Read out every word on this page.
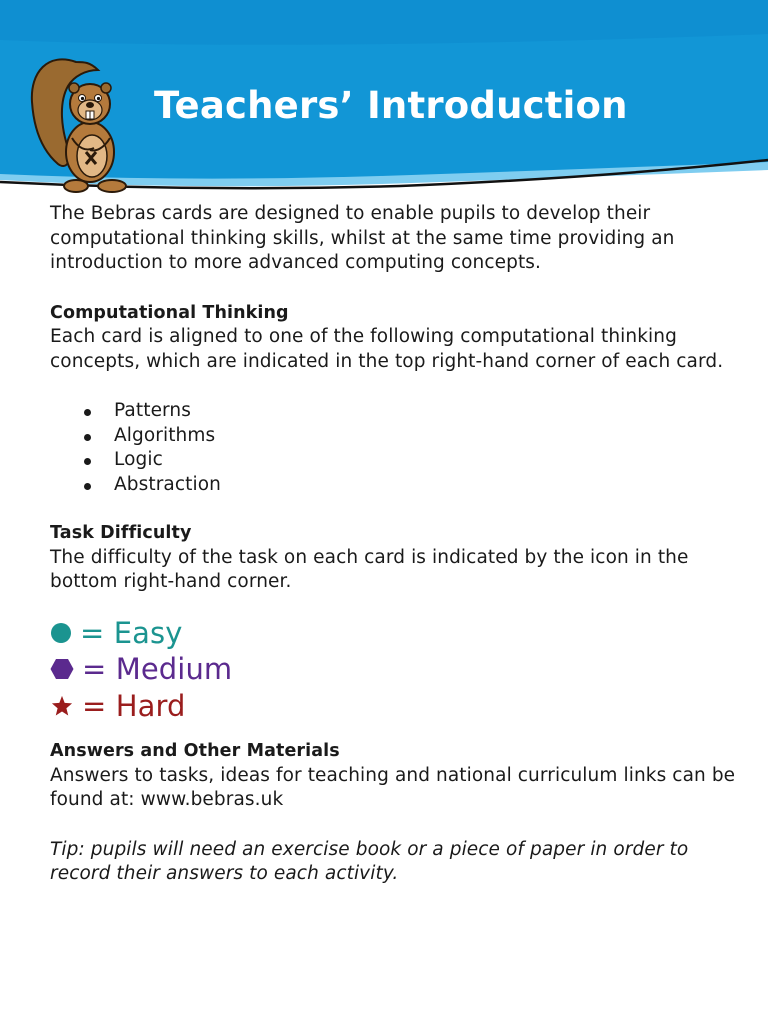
Teachers’ Introduction

The Bebras cards are designed to enable pupils to develop their computational thinking skills, whilst at the same time providing an introduction to more advanced computing concepts.

Computational Thinking

Each card is aligned to one of the following computational thinking concepts, which are indicated in the top right-hand corner of each card.

Patterns
Algorithms
Logic
Abstraction

Task Difficulty

The difficulty of the task on each card is indicated by the icon in the bottom right-hand corner.

= Easy
= Medium
= Hard

Answers and Other Materials

Answers to tasks, ideas for teaching and national curriculum links can be found at: www.bebras.uk

Tip: pupils will need an exercise book or a piece of paper in order to record their answers to each activity.
